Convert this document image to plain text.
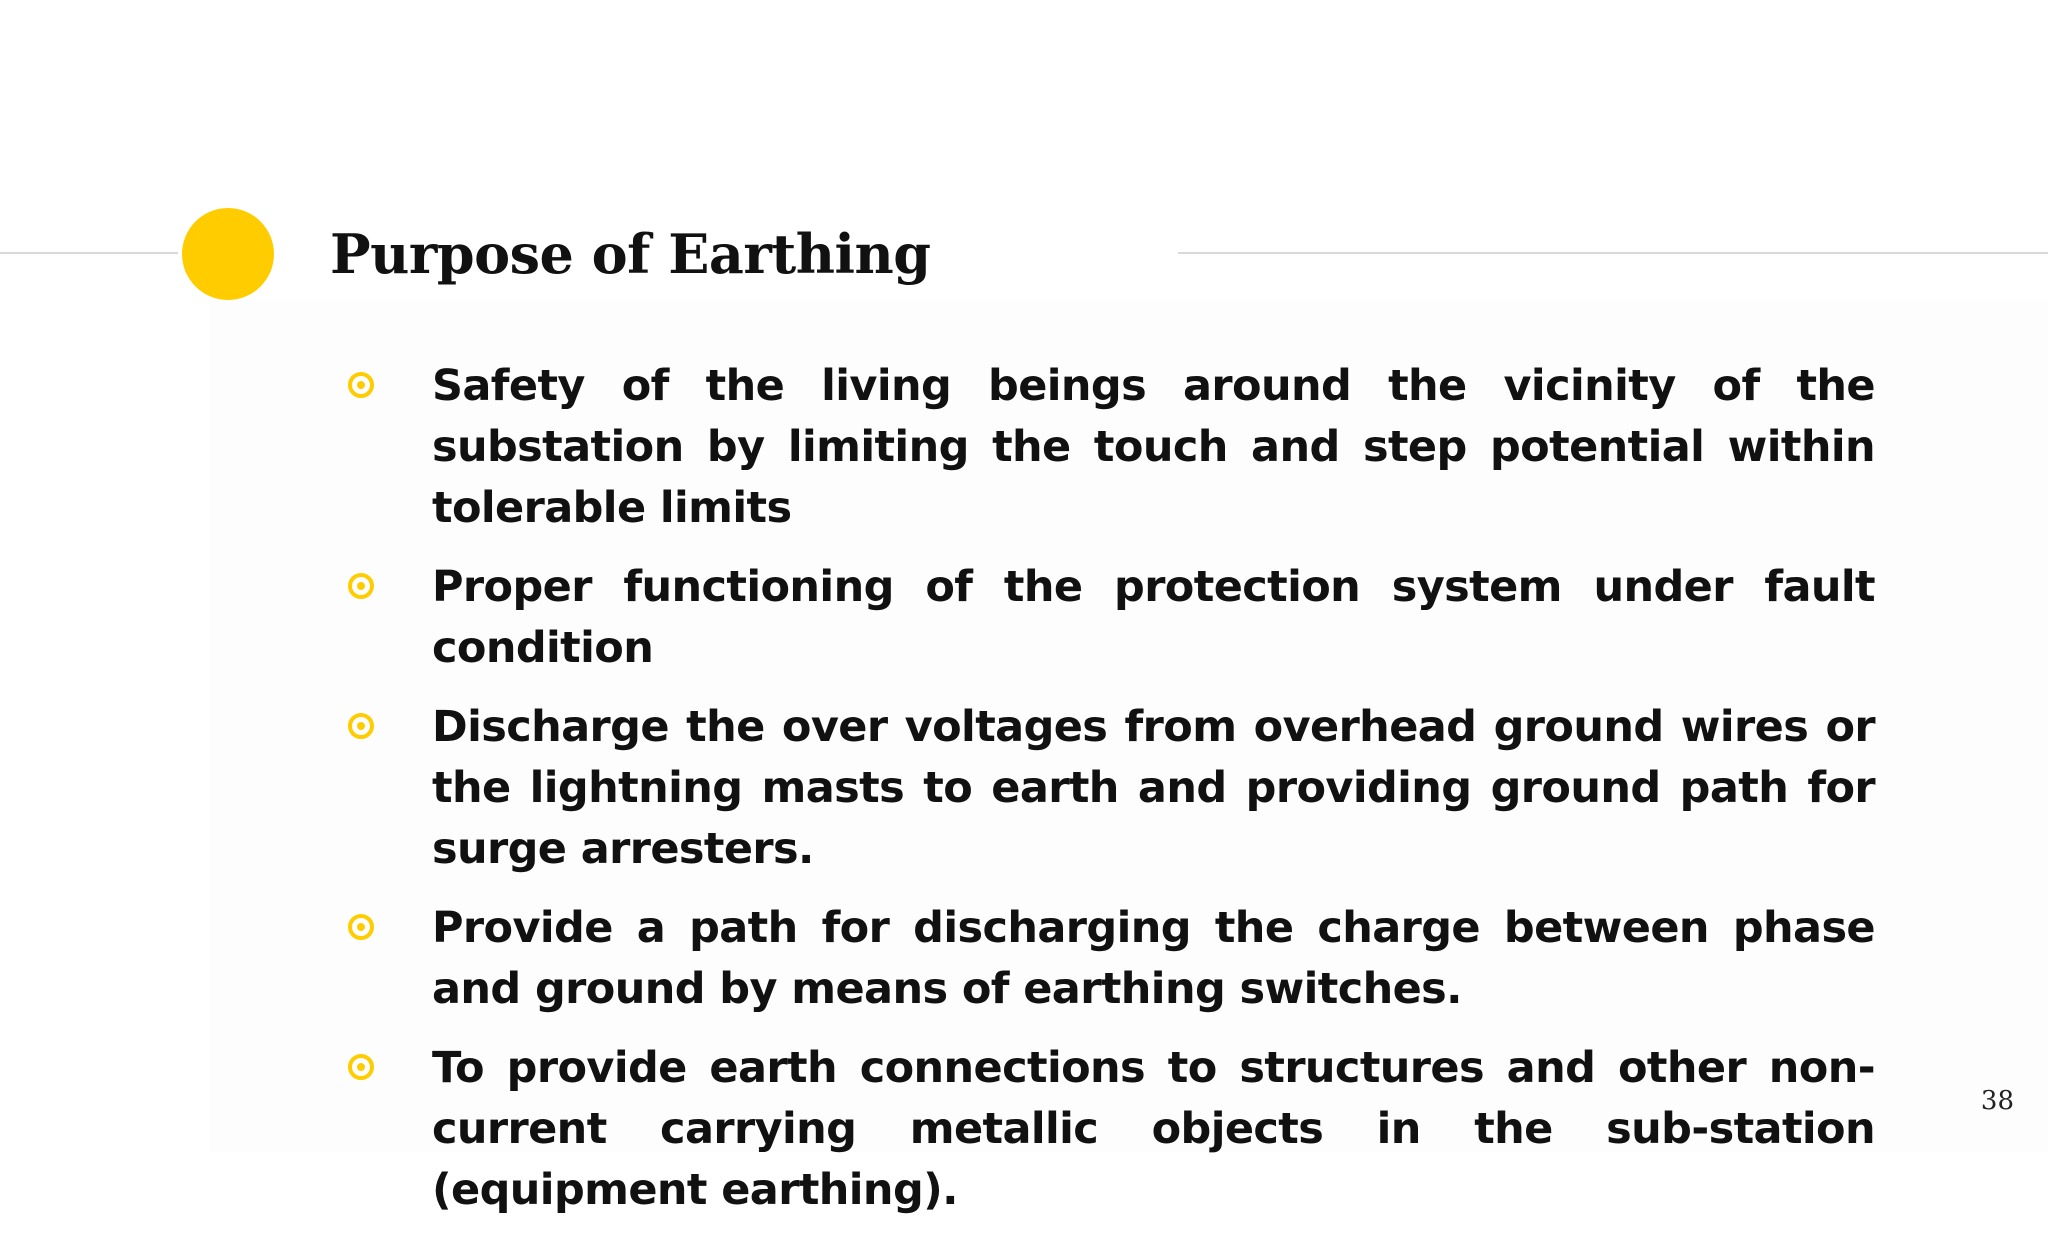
Purpose of Earthing
Safety of the living beings around the vicinity of the substation by limiting the touch and step potential within tolerable limits
Proper functioning of the protection system under fault condition
Discharge the over voltages from overhead ground wires or the lightning masts to earth and providing ground path for surge arresters.
Provide a path for discharging the charge between phase and ground by means of earthing switches.
To provide earth connections to structures and other non-current carrying metallic objects in the sub-station (equipment earthing).
38
